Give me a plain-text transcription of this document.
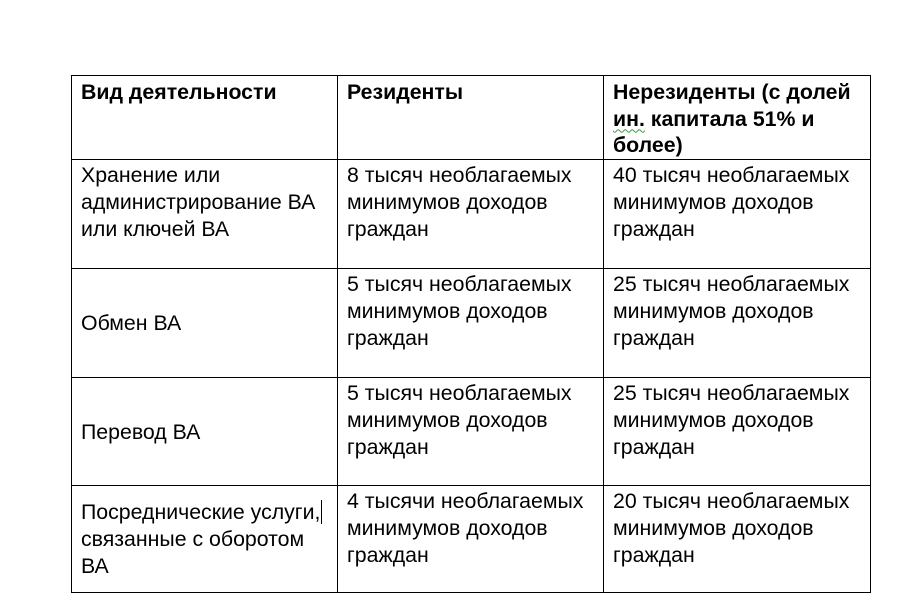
Вид деятельности	Резиденты	Нерезиденты (с долей ин. капитала 51% и более)
Хранение или администрирование ВА или ключей ВА	8 тысяч необлагаемых минимумов доходов граждан	40 тысяч необлагаемых минимумов доходов граждан
Обмен ВА	5 тысяч необлагаемых минимумов доходов граждан	25 тысяч необлагаемых минимумов доходов граждан
Перевод ВА	5 тысяч необлагаемых минимумов доходов граждан	25 тысяч необлагаемых минимумов доходов граждан
Посреднические услуги, связанные с оборотом ВА	4 тысячи необлагаемых минимумов доходов граждан	20 тысяч необлагаемых минимумов доходов граждан
